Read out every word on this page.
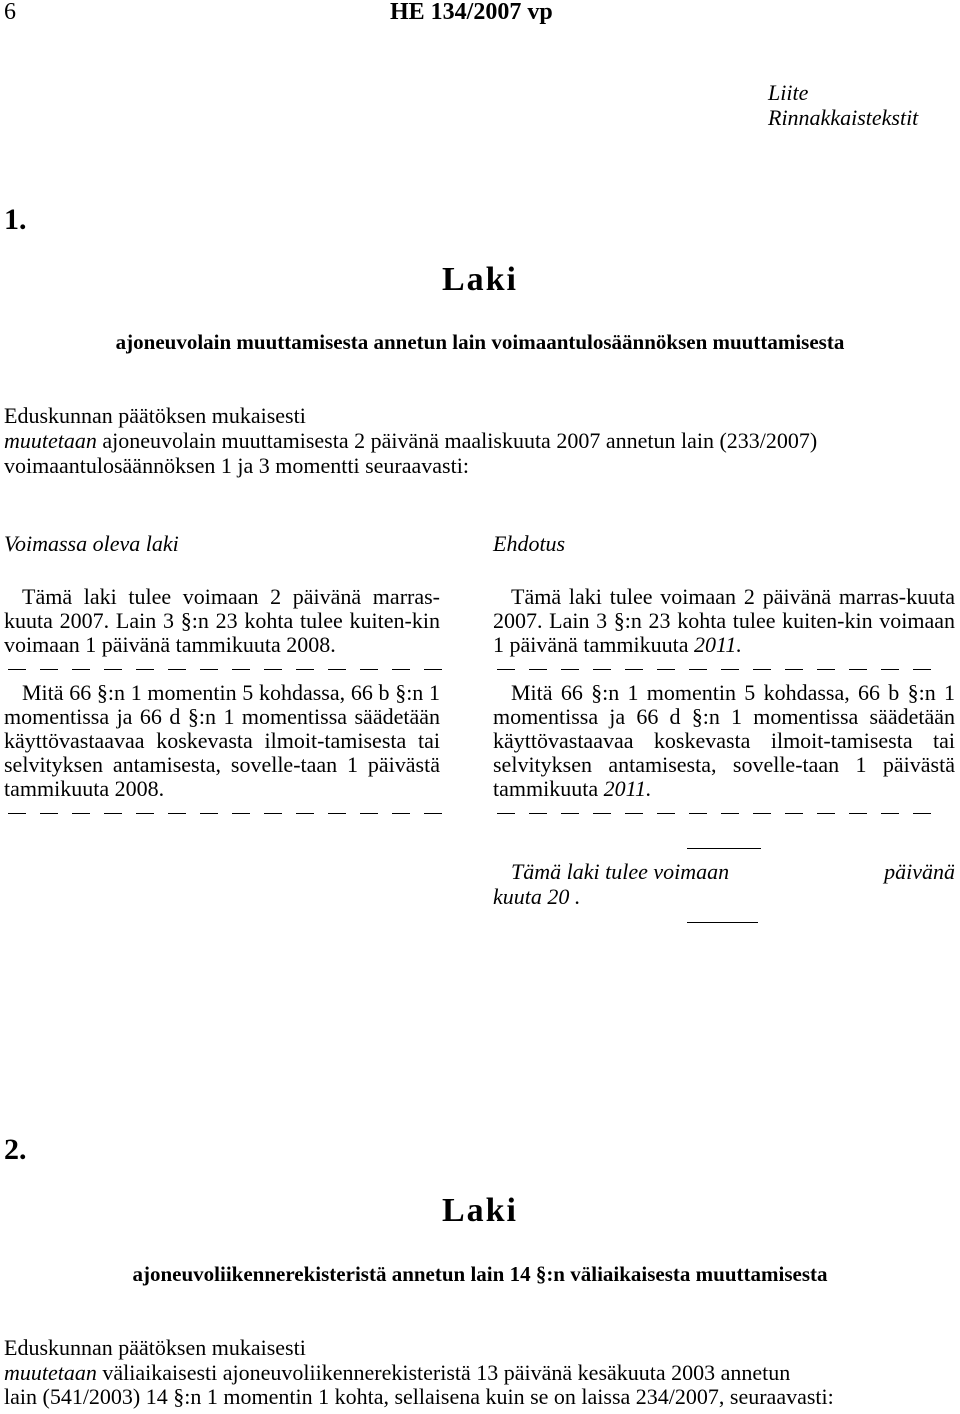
6	HE 134/2007 vp
Liite
Rinnakkaistekstit
1.
Laki
ajoneuvolain muuttamisesta annetun lain voimaantulosäännöksen muuttamisesta
Eduskunnan päätöksen mukaisesti
muutetaan ajoneuvolain muuttamisesta 2 päivänä maaliskuuta 2007 annetun lain (233/2007)
voimaantulosäännöksen 1 ja 3 momentti seuraavasti:
Voimassa oleva laki
Tämä laki tulee voimaan 2 päivänä marras-kuuta 2007. Lain 3 §:n 23 kohta tulee kuiten-kin voimaan 1 päivänä tammikuuta 2008.
Mitä 66 §:n 1 momentin 5 kohdassa, 66 b §:n 1 momentissa ja 66 d §:n 1 momentissa säädetään käyttövastaavaa koskevasta ilmoit-tamisesta tai selvityksen antamisesta, sovelle-taan 1 päivästä tammikuuta 2008.
Ehdotus
Tämä laki tulee voimaan 2 päivänä marras-kuuta 2007. Lain 3 §:n 23 kohta tulee kuiten-kin voimaan 1 päivänä tammikuuta 2011.
Mitä 66 §:n 1 momentin 5 kohdassa, 66 b §:n 1 momentissa ja 66 d §:n 1 momentissa säädetään käyttövastaavaa koskevasta ilmoit-tamisesta tai selvityksen antamisesta, sovelle-taan 1 päivästä tammikuuta 2011.
Tämä laki tulee voimaan	päivänä
kuuta 20 .
2.
Laki
ajoneuvoliikennerekisteristä annetun lain 14 §:n väliaikaisesta muuttamisesta
Eduskunnan päätöksen mukaisesti
muutetaan väliaikaisesti ajoneuvoliikennerekisteristä 13 päivänä kesäkuuta 2003 annetun
lain (541/2003) 14 §:n 1 momentin 1 kohta, sellaisena kuin se on laissa 234/2007, seuraavasti:
